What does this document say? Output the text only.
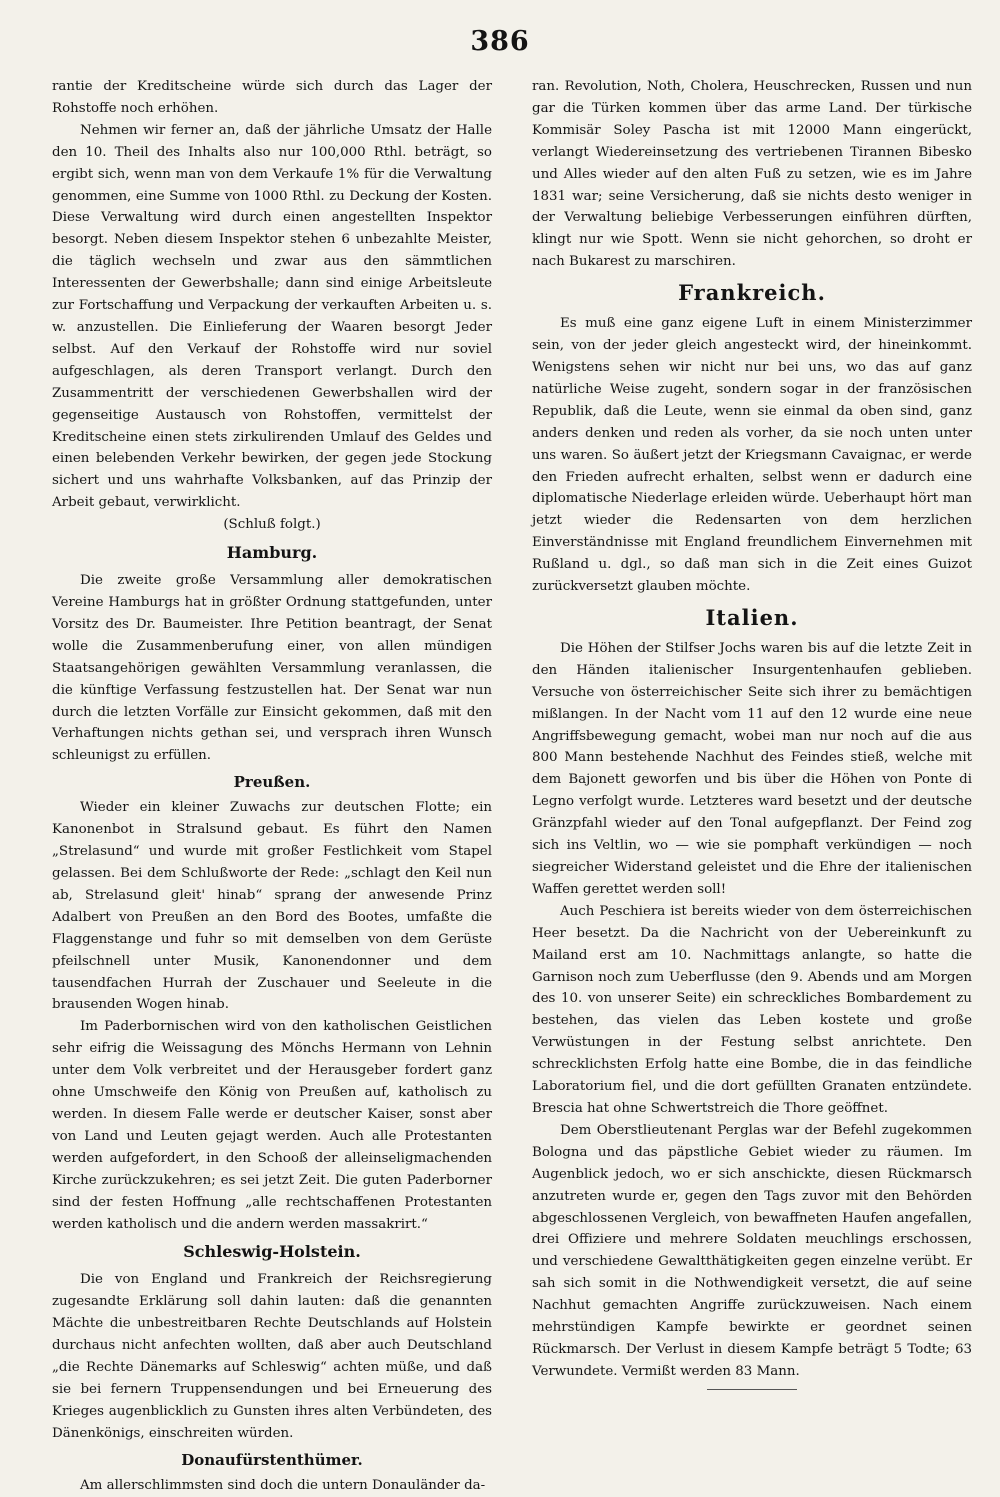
386

rantie der Kreditscheine würde sich durch das Lager der Rohstoffe noch erhöhen.

Nehmen wir ferner an, daß der jährliche Umsatz der Halle den 10. Theil des Inhalts also nur 100,000 Rthl. beträgt, so ergibt sich, wenn man von dem Verkaufe 1% für die Verwaltung genommen, eine Summe von 1000 Rthl. zu Deckung der Kosten. Diese Verwaltung wird durch einen angestellten Inspektor besorgt. Neben diesem Inspektor stehen 6 unbezahlte Meister, die täglich wechseln und zwar aus den sämmtlichen Interessenten der Gewerbshalle; dann sind einige Arbeitsleute zur Fortschaffung und Verpackung der verkauften Arbeiten u. s. w. anzustellen. Die Einlieferung der Waaren besorgt Jeder selbst. Auf den Verkauf der Rohstoffe wird nur soviel aufgeschlagen, als deren Transport verlangt. Durch den Zusammentritt der verschiedenen Gewerbshallen wird der gegenseitige Austausch von Rohstoffen, vermittelst der Kreditscheine einen stets zirkulirenden Umlauf des Geldes und einen belebenden Verkehr bewirken, der gegen jede Stockung sichert und uns wahrhafte Volksbanken, auf das Prinzip der Arbeit gebaut, verwirklicht.

(Schluß folgt.)
Hamburg.

Die zweite große Versammlung aller demokratischen Vereine Hamburgs hat in größter Ordnung stattgefunden, unter Vorsitz des Dr. Baumeister. Ihre Petition beantragt, der Senat wolle die Zusammenberufung einer, von allen mündigen Staatsangehörigen gewählten Versammlung veranlassen, die die künftige Verfassung festzustellen hat. Der Senat war nun durch die letzten Vorfälle zur Einsicht gekommen, daß mit den Verhaftungen nichts gethan sei, und versprach ihren Wunsch schleunigst zu erfüllen.

Preußen.

Wieder ein kleiner Zuwachs zur deutschen Flotte; ein Kanonenbot in Stralsund gebaut. Es führt den Namen „Strelasund“ und wurde mit großer Festlichkeit vom Stapel gelassen. Bei dem Schlußworte der Rede: „schlagt den Keil nun ab, Strelasund gleit' hinab“ sprang der anwesende Prinz Adalbert von Preußen an den Bord des Bootes, umfaßte die Flaggenstange und fuhr so mit demselben von dem Gerüste pfeilschnell unter Musik, Kanonendonner und dem tausendfachen Hurrah der Zuschauer und Seeleute in die brausenden Wogen hinab.

Im Paderbornischen wird von den katholischen Geistlichen sehr eifrig die Weissagung des Mönchs Hermann von Lehnin unter dem Volk verbreitet und der Herausgeber fordert ganz ohne Umschweife den König von Preußen auf, katholisch zu werden. In diesem Falle werde er deutscher Kaiser, sonst aber von Land und Leuten gejagt werden. Auch alle Protestanten werden aufgefordert, in den Schooß der alleinseligmachenden Kirche zurückzukehren; es sei jetzt Zeit. Die guten Paderborner sind der festen Hoffnung „alle rechtschaffenen Protestanten werden katholisch und die andern werden massakrirt.“

Schleswig-Holstein.

Die von England und Frankreich der Reichsregierung zugesandte Erklärung soll dahin lauten: daß die genannten Mächte die unbestreitbaren Rechte Deutschlands auf Holstein durchaus nicht anfechten wollten, daß aber auch Deutschland „die Rechte Dänemarks auf Schleswig“ achten müße, und daß sie bei fernern Truppensendungen und bei Erneuerung des Krieges augenblicklich zu Gunsten ihres alten Verbündeten, des Dänenkönigs, einschreiten würden.

Donaufürstenthümer.

Am allerschlimmsten sind doch die untern Donauländer da-

ran. Revolution, Noth, Cholera, Heuschrecken, Russen und nun gar die Türken kommen über das arme Land. Der türkische Kommisär Soley Pascha ist mit 12000 Mann eingerückt, verlangt Wiedereinsetzung des vertriebenen Tirannen Bibesko und Alles wieder auf den alten Fuß zu setzen, wie es im Jahre 1831 war; seine Versicherung, daß sie nichts desto weniger in der Verwaltung beliebige Verbesserungen einführen dürften, klingt nur wie Spott. Wenn sie nicht gehorchen, so droht er nach Bukarest zu marschiren.

Frankreich.

Es muß eine ganz eigene Luft in einem Ministerzimmer sein, von der jeder gleich angesteckt wird, der hineinkommt. Wenigstens sehen wir nicht nur bei uns, wo das auf ganz natürliche Weise zugeht, sondern sogar in der französischen Republik, daß die Leute, wenn sie einmal da oben sind, ganz anders denken und reden als vorher, da sie noch unten unter uns waren. So äußert jetzt der Kriegsmann Cavaignac, er werde den Frieden aufrecht erhalten, selbst wenn er dadurch eine diplomatische Niederlage erleiden würde. Ueberhaupt hört man jetzt wieder die Redensarten von dem herzlichen Einverständnisse mit England freundlichem Einvernehmen mit Rußland u. dgl., so daß man sich in die Zeit eines Guizot zurückversetzt glauben möchte.

Italien.

Die Höhen der Stilfser Jochs waren bis auf die letzte Zeit in den Händen italienischer Insurgentenhaufen geblieben. Versuche von österreichischer Seite sich ihrer zu bemächtigen mißlangen. In der Nacht vom 11 auf den 12 wurde eine neue Angriffsbewegung gemacht, wobei man nur noch auf die aus 800 Mann bestehende Nachhut des Feindes stieß, welche mit dem Bajonett geworfen und bis über die Höhen von Ponte di Legno verfolgt wurde. Letzteres ward besetzt und der deutsche Gränzpfahl wieder auf den Tonal aufgepflanzt. Der Feind zog sich ins Veltlin, wo — wie sie pomphaft verkündigen — noch siegreicher Widerstand geleistet und die Ehre der italienischen Waffen gerettet werden soll!

Auch Peschiera ist bereits wieder von dem österreichischen Heer besetzt. Da die Nachricht von der Uebereinkunft zu Mailand erst am 10. Nachmittags anlangte, so hatte die Garnison noch zum Ueberflusse (den 9. Abends und am Morgen des 10. von unserer Seite) ein schreckliches Bombardement zu bestehen, das vielen das Leben kostete und große Verwüstungen in der Festung selbst anrichtete. Den schrecklichsten Erfolg hatte eine Bombe, die in das feindliche Laboratorium fiel, und die dort gefüllten Granaten entzündete. Brescia hat ohne Schwertstreich die Thore geöffnet.

Dem Oberstlieutenant Perglas war der Befehl zugekommen Bologna und das päpstliche Gebiet wieder zu räumen. Im Augenblick jedoch, wo er sich anschickte, diesen Rückmarsch anzutreten wurde er, gegen den Tags zuvor mit den Behörden abgeschlossenen Vergleich, von bewaffneten Haufen angefallen, drei Offiziere und mehrere Soldaten meuchlings erschossen, und verschiedene Gewaltthätigkeiten gegen einzelne verübt. Er sah sich somit in die Nothwendigkeit versetzt, die auf seine Nachhut gemachten Angriffe zurückzuweisen. Nach einem mehrstündigen Kampfe bewirkte er geordnet seinen Rückmarsch. Der Verlust in diesem Kampfe beträgt 5 Todte; 63 Verwundete. Vermißt werden 83 Mann.
